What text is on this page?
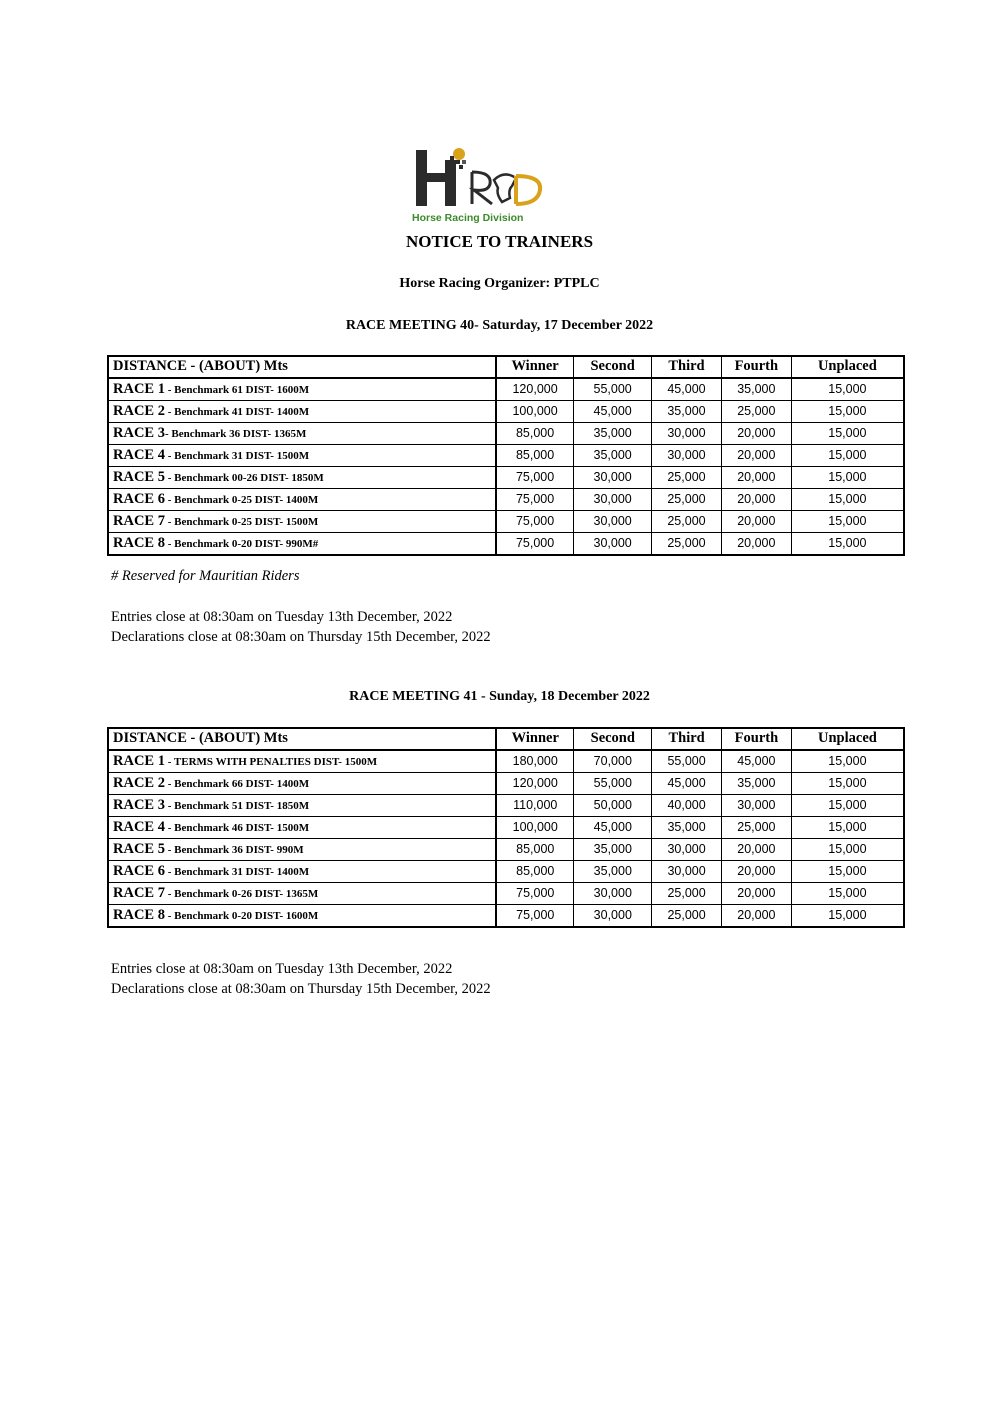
Horse Racing Division
NOTICE TO TRAINERS
Horse Racing Organizer: PTPLC
RACE MEETING 40- Saturday, 17 December 2022
DISTANCE - (ABOUT) Mts	Winner	Second	Third	Fourth	Unplaced
RACE 1 - Benchmark 61 DIST- 1600M	120,000	55,000	45,000	35,000	15,000
RACE 2 - Benchmark 41 DIST- 1400M	100,000	45,000	35,000	25,000	15,000
RACE 3- Benchmark 36 DIST- 1365M	85,000	35,000	30,000	20,000	15,000
RACE 4 - Benchmark 31 DIST- 1500M	85,000	35,000	30,000	20,000	15,000
RACE 5 - Benchmark 00-26 DIST- 1850M	75,000	30,000	25,000	20,000	15,000
RACE 6 - Benchmark 0-25 DIST- 1400M	75,000	30,000	25,000	20,000	15,000
RACE 7 - Benchmark 0-25 DIST- 1500M	75,000	30,000	25,000	20,000	15,000
RACE 8 - Benchmark 0-20 DIST- 990M#	75,000	30,000	25,000	20,000	15,000
# Reserved for Mauritian Riders
Entries close at 08:30am on Tuesday 13th December, 2022
Declarations close at 08:30am on Thursday 15th December, 2022
RACE MEETING 41 - Sunday, 18 December 2022
DISTANCE - (ABOUT) Mts	Winner	Second	Third	Fourth	Unplaced
RACE 1 - TERMS WITH PENALTIES DIST- 1500M	180,000	70,000	55,000	45,000	15,000
RACE 2 - Benchmark 66 DIST- 1400M	120,000	55,000	45,000	35,000	15,000
RACE 3 - Benchmark 51 DIST- 1850M	110,000	50,000	40,000	30,000	15,000
RACE 4 - Benchmark 46 DIST- 1500M	100,000	45,000	35,000	25,000	15,000
RACE 5 - Benchmark 36 DIST- 990M	85,000	35,000	30,000	20,000	15,000
RACE 6 - Benchmark 31 DIST- 1400M	85,000	35,000	30,000	20,000	15,000
RACE 7 - Benchmark 0-26 DIST- 1365M	75,000	30,000	25,000	20,000	15,000
RACE 8 - Benchmark 0-20 DIST- 1600M	75,000	30,000	25,000	20,000	15,000
Entries close at 08:30am on Tuesday 13th December, 2022
Declarations close at 08:30am on Thursday 15th December, 2022
